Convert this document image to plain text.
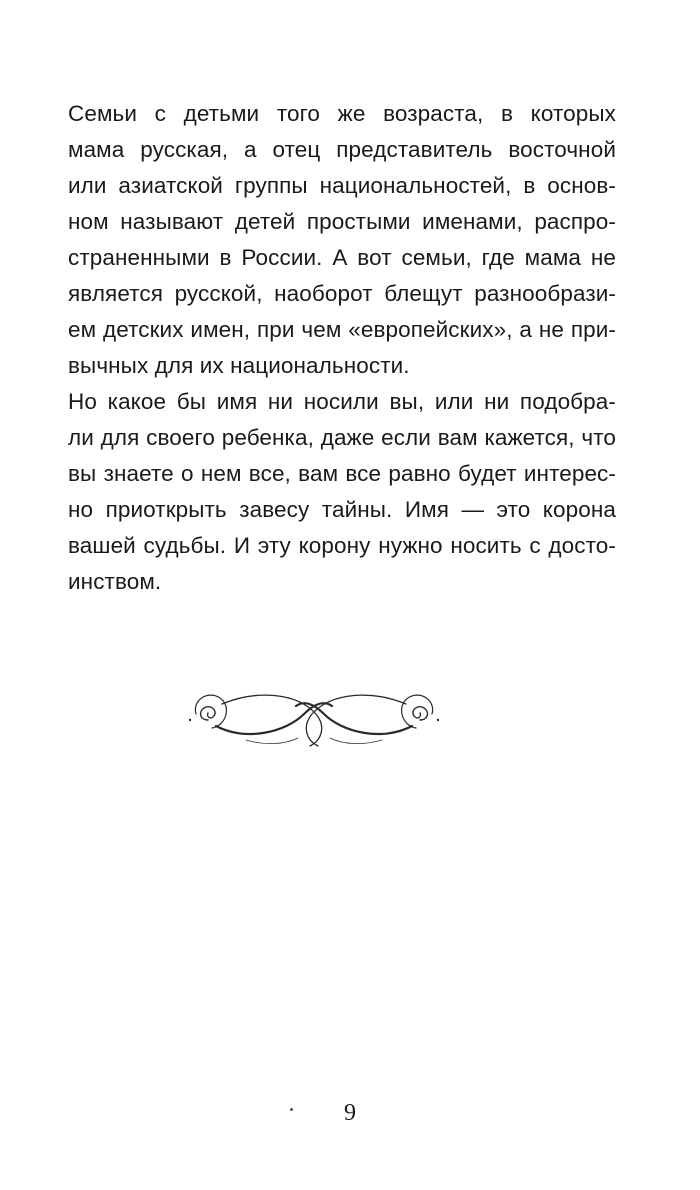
Семьи с детьми того же возраста, в которых
мама русская, а отец представитель восточной
или азиатской группы национальностей, в основ-
ном называют детей простыми именами, распро-
страненными в России. А вот семьи, где мама не
является русской, наоборот блещут разнообрази-
ем детских имен, при чем «европейских», а не при-
вычных для их национальности.
Но какое бы имя ни носили вы, или ни подобра-
ли для своего ребенка, даже если вам кажется, что
вы знаете о нем все, вам все равно будет интерес-
но приоткрыть завесу тайны. Имя — это корона
вашей судьбы. И эту корону нужно носить с досто-
инством.
9
